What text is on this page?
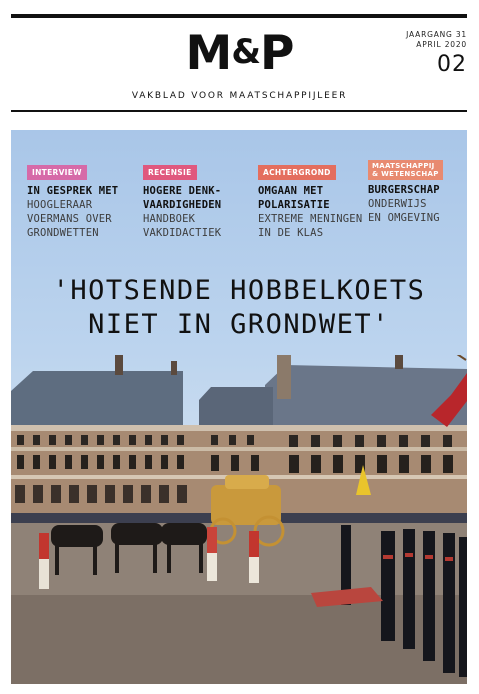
M&P	JAARGANG 31
APRIL 2020
02
VAKBLAD VOOR MAATSCHAPPIJLEER
INTERVIEW
IN GESPREK MET
HOOGLERAAR
VOERMANS OVER
GRONDWETTEN
RECENSIE
HOGERE DENK-
VAARDIGHEDEN
HANDBOEK
VAKDIDACTIEK
ACHTERGROND
OMGAAN MET
POLARISATIE
EXTREME MENINGEN
IN DE KLAS
MAATSCHAPPIJ
& WETENSCHAP
BURGERSCHAP
ONDERWIJS
EN OMGEVING
'HOTSENDE HOBBELKOETS
NIET IN GRONDWET'
